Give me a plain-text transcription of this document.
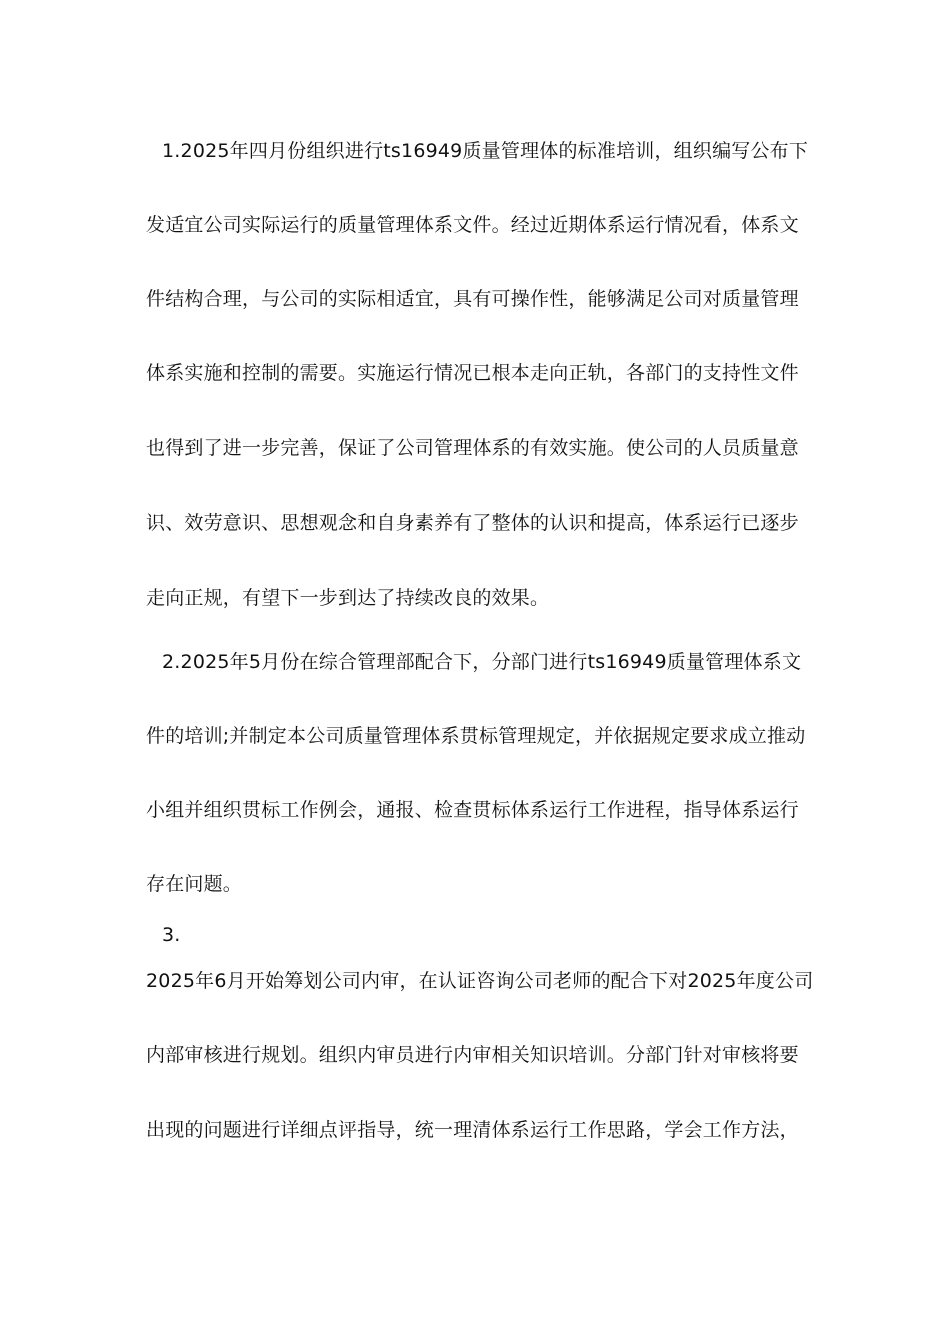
1.2025年四月份组织进行ts16949质量管理体的标准培训，组织编写公布下
发适宜公司实际运行的质量管理体系文件。经过近期体系运行情况看，体系文
件结构合理，与公司的实际相适宜，具有可操作性，能够满足公司对质量管理
体系实施和控制的需要。实施运行情况已根本走向正轨，各部门的支持性文件
也得到了进一步完善，保证了公司管理体系的有效实施。使公司的人员质量意
识、效劳意识、思想观念和自身素养有了整体的认识和提高，体系运行已逐步
走向正规，有望下一步到达了持续改良的效果。
2.2025年5月份在综合管理部配合下，分部门进行ts16949质量管理体系文
件的培训;并制定本公司质量管理体系贯标管理规定，并依据规定要求成立推动
小组并组织贯标工作例会，通报、检查贯标体系运行工作进程，指导体系运行
存在问题。
3.
2025年6月开始筹划公司内审，在认证咨询公司老师的配合下对2025年度公司
内部审核进行规划。组织内审员进行内审相关知识培训。分部门针对审核将要
出现的问题进行详细点评指导，统一理清体系运行工作思路，学会工作方法，
